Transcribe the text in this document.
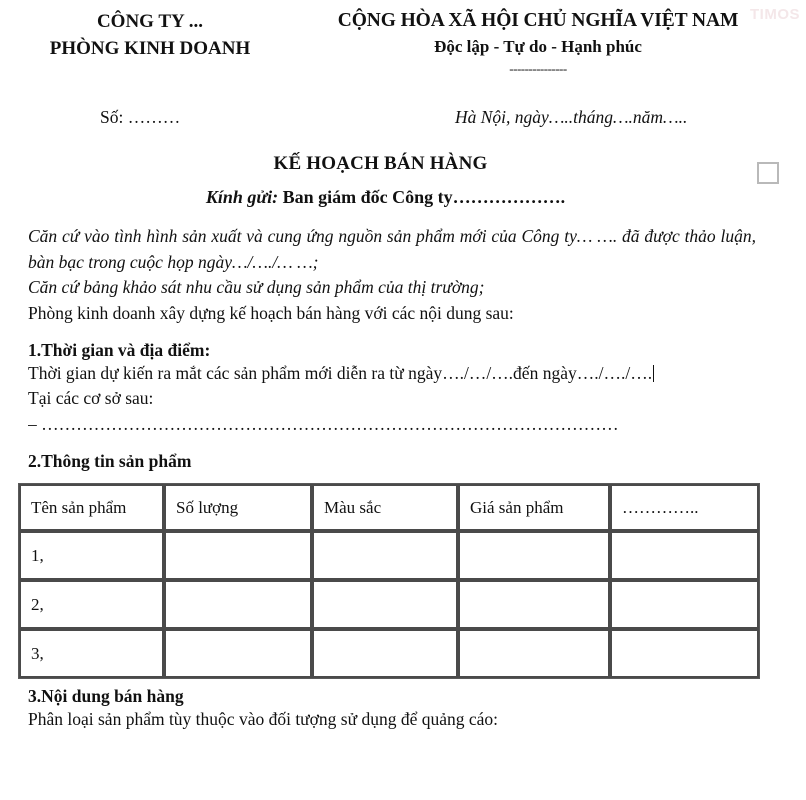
TIMOS
CÔNG TY ...
PHÒNG KINH DOANH
CỘNG HÒA XÃ HỘI CHỦ NGHĨA VIỆT NAM
Độc lập - Tự do - Hạnh phúc
---------------
Số: ………	Hà Nội, ngày…..tháng….năm…..
KẾ HOẠCH BÁN HÀNG
Kính gửi: Ban giám đốc Công ty……………….

Căn cứ vào tình hình sản xuất và cung ứng nguồn sản phẩm mới của Công ty… …. đã được thảo luận, bàn bạc trong cuộc họp ngày…/…./… …;

Căn cứ bảng khảo sát nhu cầu sử dụng sản phẩm của thị trường;

Phòng kinh doanh xây dựng kế hoạch bán hàng với các nội dung sau:

1.Thời gian và địa điểm:

Thời gian dự kiến ra mắt các sản phẩm mới diễn ra từ ngày…./…/….đến ngày…./…./….

Tại các cơ sở sau:

– ………………………………………………………………………………………

2.Thông tin sản phẩm

Tên sản phẩm	Số lượng	Màu sắc	Giá sản phẩm	…………..
1,				
2,				
3,				

3.Nội dung bán hàng

Phân loại sản phẩm tùy thuộc vào đối tượng sử dụng để quảng cáo:
